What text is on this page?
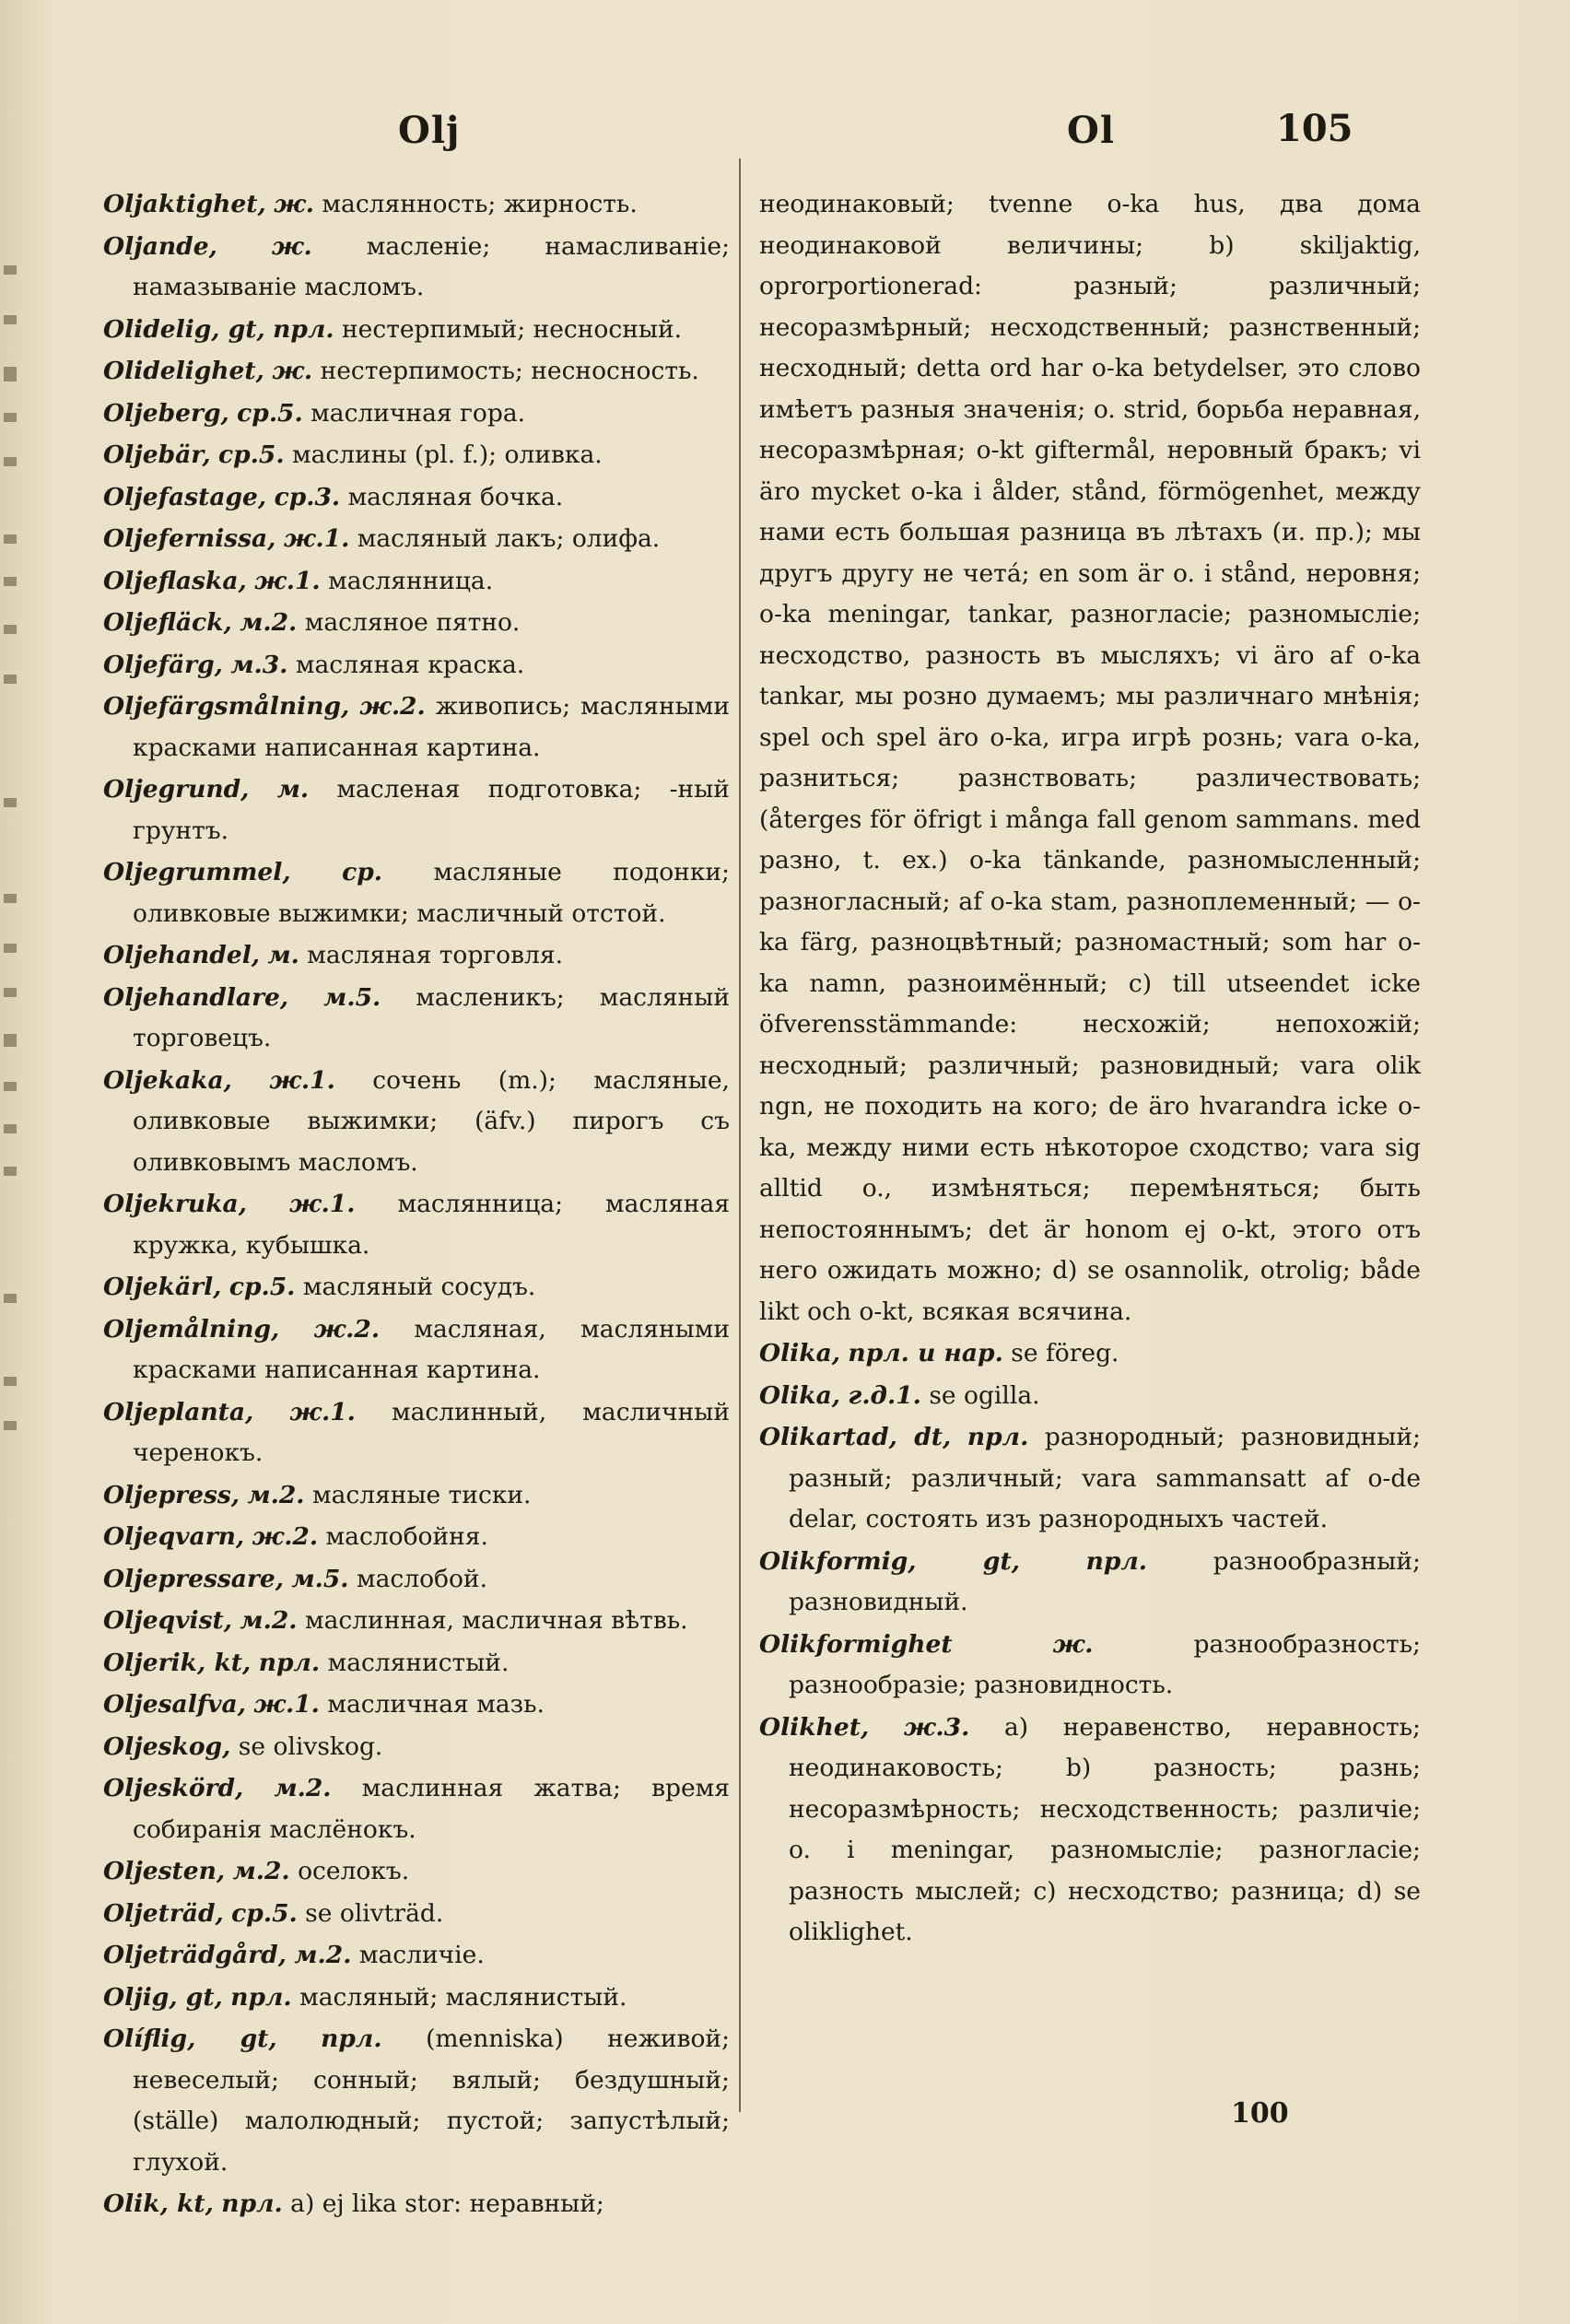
Olj	Ol	105

Oljaktighet, ж. маслянность; жирность.

Oljande, ж. масленіе; намасливаніе; намазываніе масломъ.

Olidelig, gt, прл. нестерпимый; несносный.

Olidelighet, ж. нестерпимость; несносность.

Oljeberg, ср.5. масличная гора.

Oljebär, ср.5. маслины (pl. f.); оливка.

Oljefastage, ср.3. масляная бочка.

Oljefernissa, ж.1. масляный лакъ; олифа.

Oljeflaska, ж.1. маслянница.

Oljefläck, м.2. масляное пятно.

Oljefärg, м.3. масляная краска.

Oljefärgsmålning, ж.2. живопись; масляными красками написанная картина.

Oljegrund, м. масленая подготовка; -ный грунтъ.

Oljegrummel, ср. масляные подонки; оливковые выжимки; масличный отстой.

Oljehandel, м. масляная торговля.

Oljehandlare, м.5. масленикъ; масляный торговецъ.

Oljekaka, ж.1. сочень (m.); масляные, оливковые выжимки; (äfv.) пирогъ съ оливковымъ масломъ.

Oljekruka, ж.1. маслянница; масляная кружка, кубышка.

Oljekärl, ср.5. масляный сосудъ.

Oljemålning, ж.2. масляная, масляными красками написанная картина.

Oljeplanta, ж.1. маслинный, масличный черенокъ.

Oljepress, м.2. масляные тиски.

Oljeqvarn, ж.2. маслобойня.

Oljepressare, м.5. маслобой.

Oljeqvist, м.2. маслинная, масличная вѣтвь.

Oljerik, kt, прл. маслянистый.

Oljesalfva, ж.1. масличная мазь.

Oljeskog, se olivskog.

Oljeskörd, м.2. маслинная жатва; время собиранія маслёнокъ.

Oljesten, м.2. оселокъ.

Oljeträd, ср.5. se olivträd.

Oljeträdgård, м.2. масличіе.

Oljig, gt, прл. масляный; маслянистый.

Olíflig, gt, прл. (menniska) неживой; невеселый; сонный; вялый; бездушный; (ställe) малолюдный; пустой; запустѣлый; глухой.

Olik, kt, прл. a) ej lika stor: неравный;

неодинаковый; tvenne o-ka hus, два дома неодинаковой величины; b) skiljaktig, oprorportionerad: разный; различный; несоразмѣрный; несходственный; разнственный; несходный; detta ord har o-ka betydelser, это слово имѣетъ разныя значенія; o. strid, борьба неравная, несоразмѣрная; o-kt giftermål, неровный бракъ; vi äro mycket o-ka i ålder, stånd, förmögenhet, между нами есть большая разница въ лѣтахъ (и. пр.); мы другъ другу не четá; en som är o. i stånd, неровня; o-ka meningar, tankar, разногласіе; разномысліе; несходство, разность въ мысляхъ; vi äro af o-ka tankar, мы розно думаемъ; мы различнаго мнѣнія; spel och spel äro o-ka, игра игрѣ рознь; vara o-ka, разниться; разнствовать; различествовать; (återges för öfrigt i många fall genom sammans. med разно, t. ex.) o-ka tänkande, разномысленный; разногласный; af o-ka stam, разноплеменный; — o-ka färg, разноцвѣтный; разномастный; som har o-ka namn, разноимённый; c) till utseendet icke öfverensstämmande: несхожій; непохожій; несходный; различный; разновидный; vara olik ngn, не походить на кого; de äro hvarandra icke o-ka, между ними есть нѣкоторое сходство; vara sig alltid o., измѣняться; перемѣняться; быть непостояннымъ; det är honom ej o-kt, этого отъ него ожидать можно; d) se osannolik, otrolig; både likt och o-kt, всякая всячина.

Olika, прл. и нар. se föreg.

Olika, г.д.1. se ogilla.

Olikartad, dt, прл. разнородный; разновидный; разный; различный; vara sammansatt af o-de delar, состоять изъ разнородныхъ частей.

Olikformig, gt,	прл.	разнообразный; разновидный.

Olikformighet	ж.	разнообразность; разнообразіе; разновидность.

Olikhet, ж.3. a) неравенство, неравность; неодинаковость; b) разность; разнь; несоразмѣрность; несходственность; различіе; o. i meningar, разномысліе; разногласіе; разность мыслей; c) несходство; разница; d) se oliklighet.

100
